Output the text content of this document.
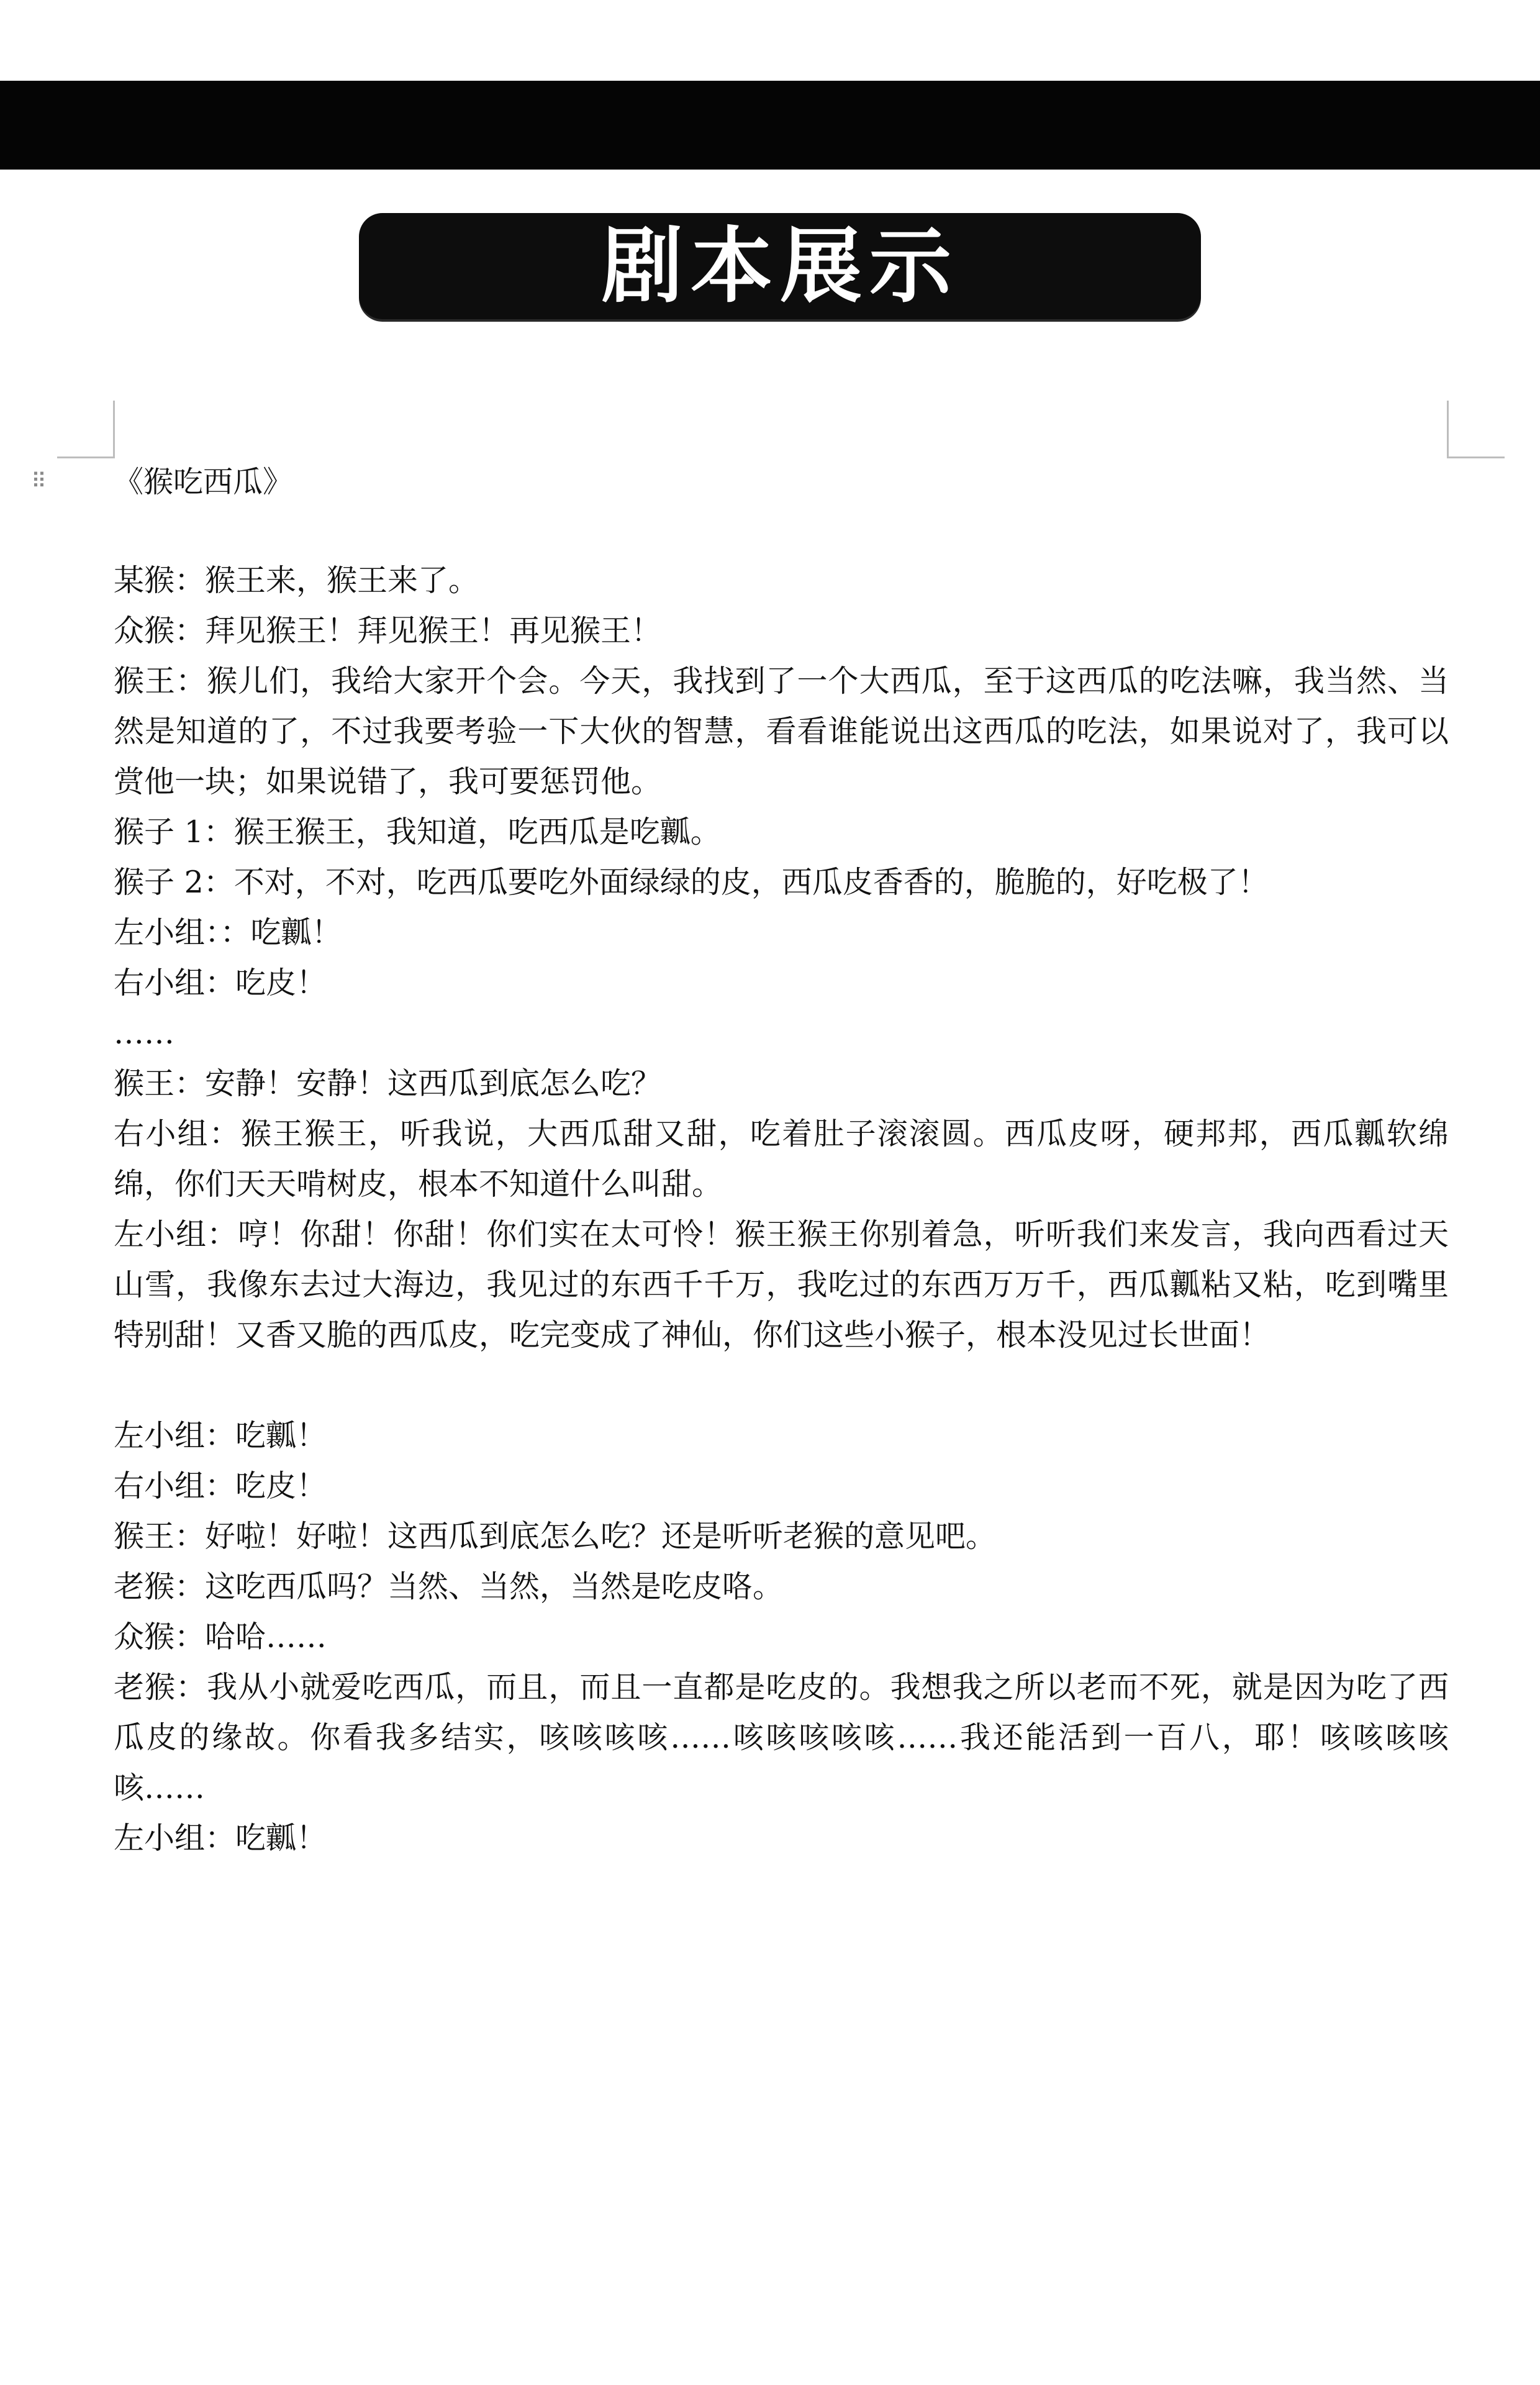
剧本展示
⠿ 《猴吃西瓜》

某猴：猴王来，猴王来了。

众猴：拜见猴王！拜见猴王！再见猴王！

猴王：猴儿们，我给大家开个会。今天，我找到了一个大西瓜，至于这西瓜的吃法嘛，我当然、当然是知道的了，不过我要考验一下大伙的智慧，看看谁能说出这西瓜的吃法，如果说对了，我可以赏他一块；如果说错了，我可要惩罚他。

猴子 1：猴王猴王，我知道，吃西瓜是吃瓤。

猴子 2：不对，不对，吃西瓜要吃外面绿绿的皮，西瓜皮香香的，脆脆的，好吃极了！

左小组：：吃瓤！

右小组：吃皮！

……

猴王：安静！安静！这西瓜到底怎么吃？

右小组：猴王猴王，听我说，大西瓜甜又甜，吃着肚子滚滚圆。西瓜皮呀，硬邦邦，西瓜瓤软绵绵，你们天天啃树皮，根本不知道什么叫甜。

左小组：哼！你甜！你甜！你们实在太可怜！猴王猴王你别着急，听听我们来发言，我向西看过天山雪，我像东去过大海边，我见过的东西千千万，我吃过的东西万万千，西瓜瓤粘又粘，吃到嘴里特别甜！又香又脆的西瓜皮，吃完变成了神仙，你们这些小猴子，根本没见过长世面！

左小组：吃瓤！

右小组：吃皮！

猴王：好啦！好啦！这西瓜到底怎么吃？还是听听老猴的意见吧。

老猴：这吃西瓜吗？当然、当然，当然是吃皮咯。

众猴：哈哈……

老猴：我从小就爱吃西瓜，而且，而且一直都是吃皮的。我想我之所以老而不死，就是因为吃了西瓜皮的缘故。你看我多结实，咳咳咳咳……咳咳咳咳咳……我还能活到一百八，耶！咳咳咳咳咳……

左小组：吃瓤！
